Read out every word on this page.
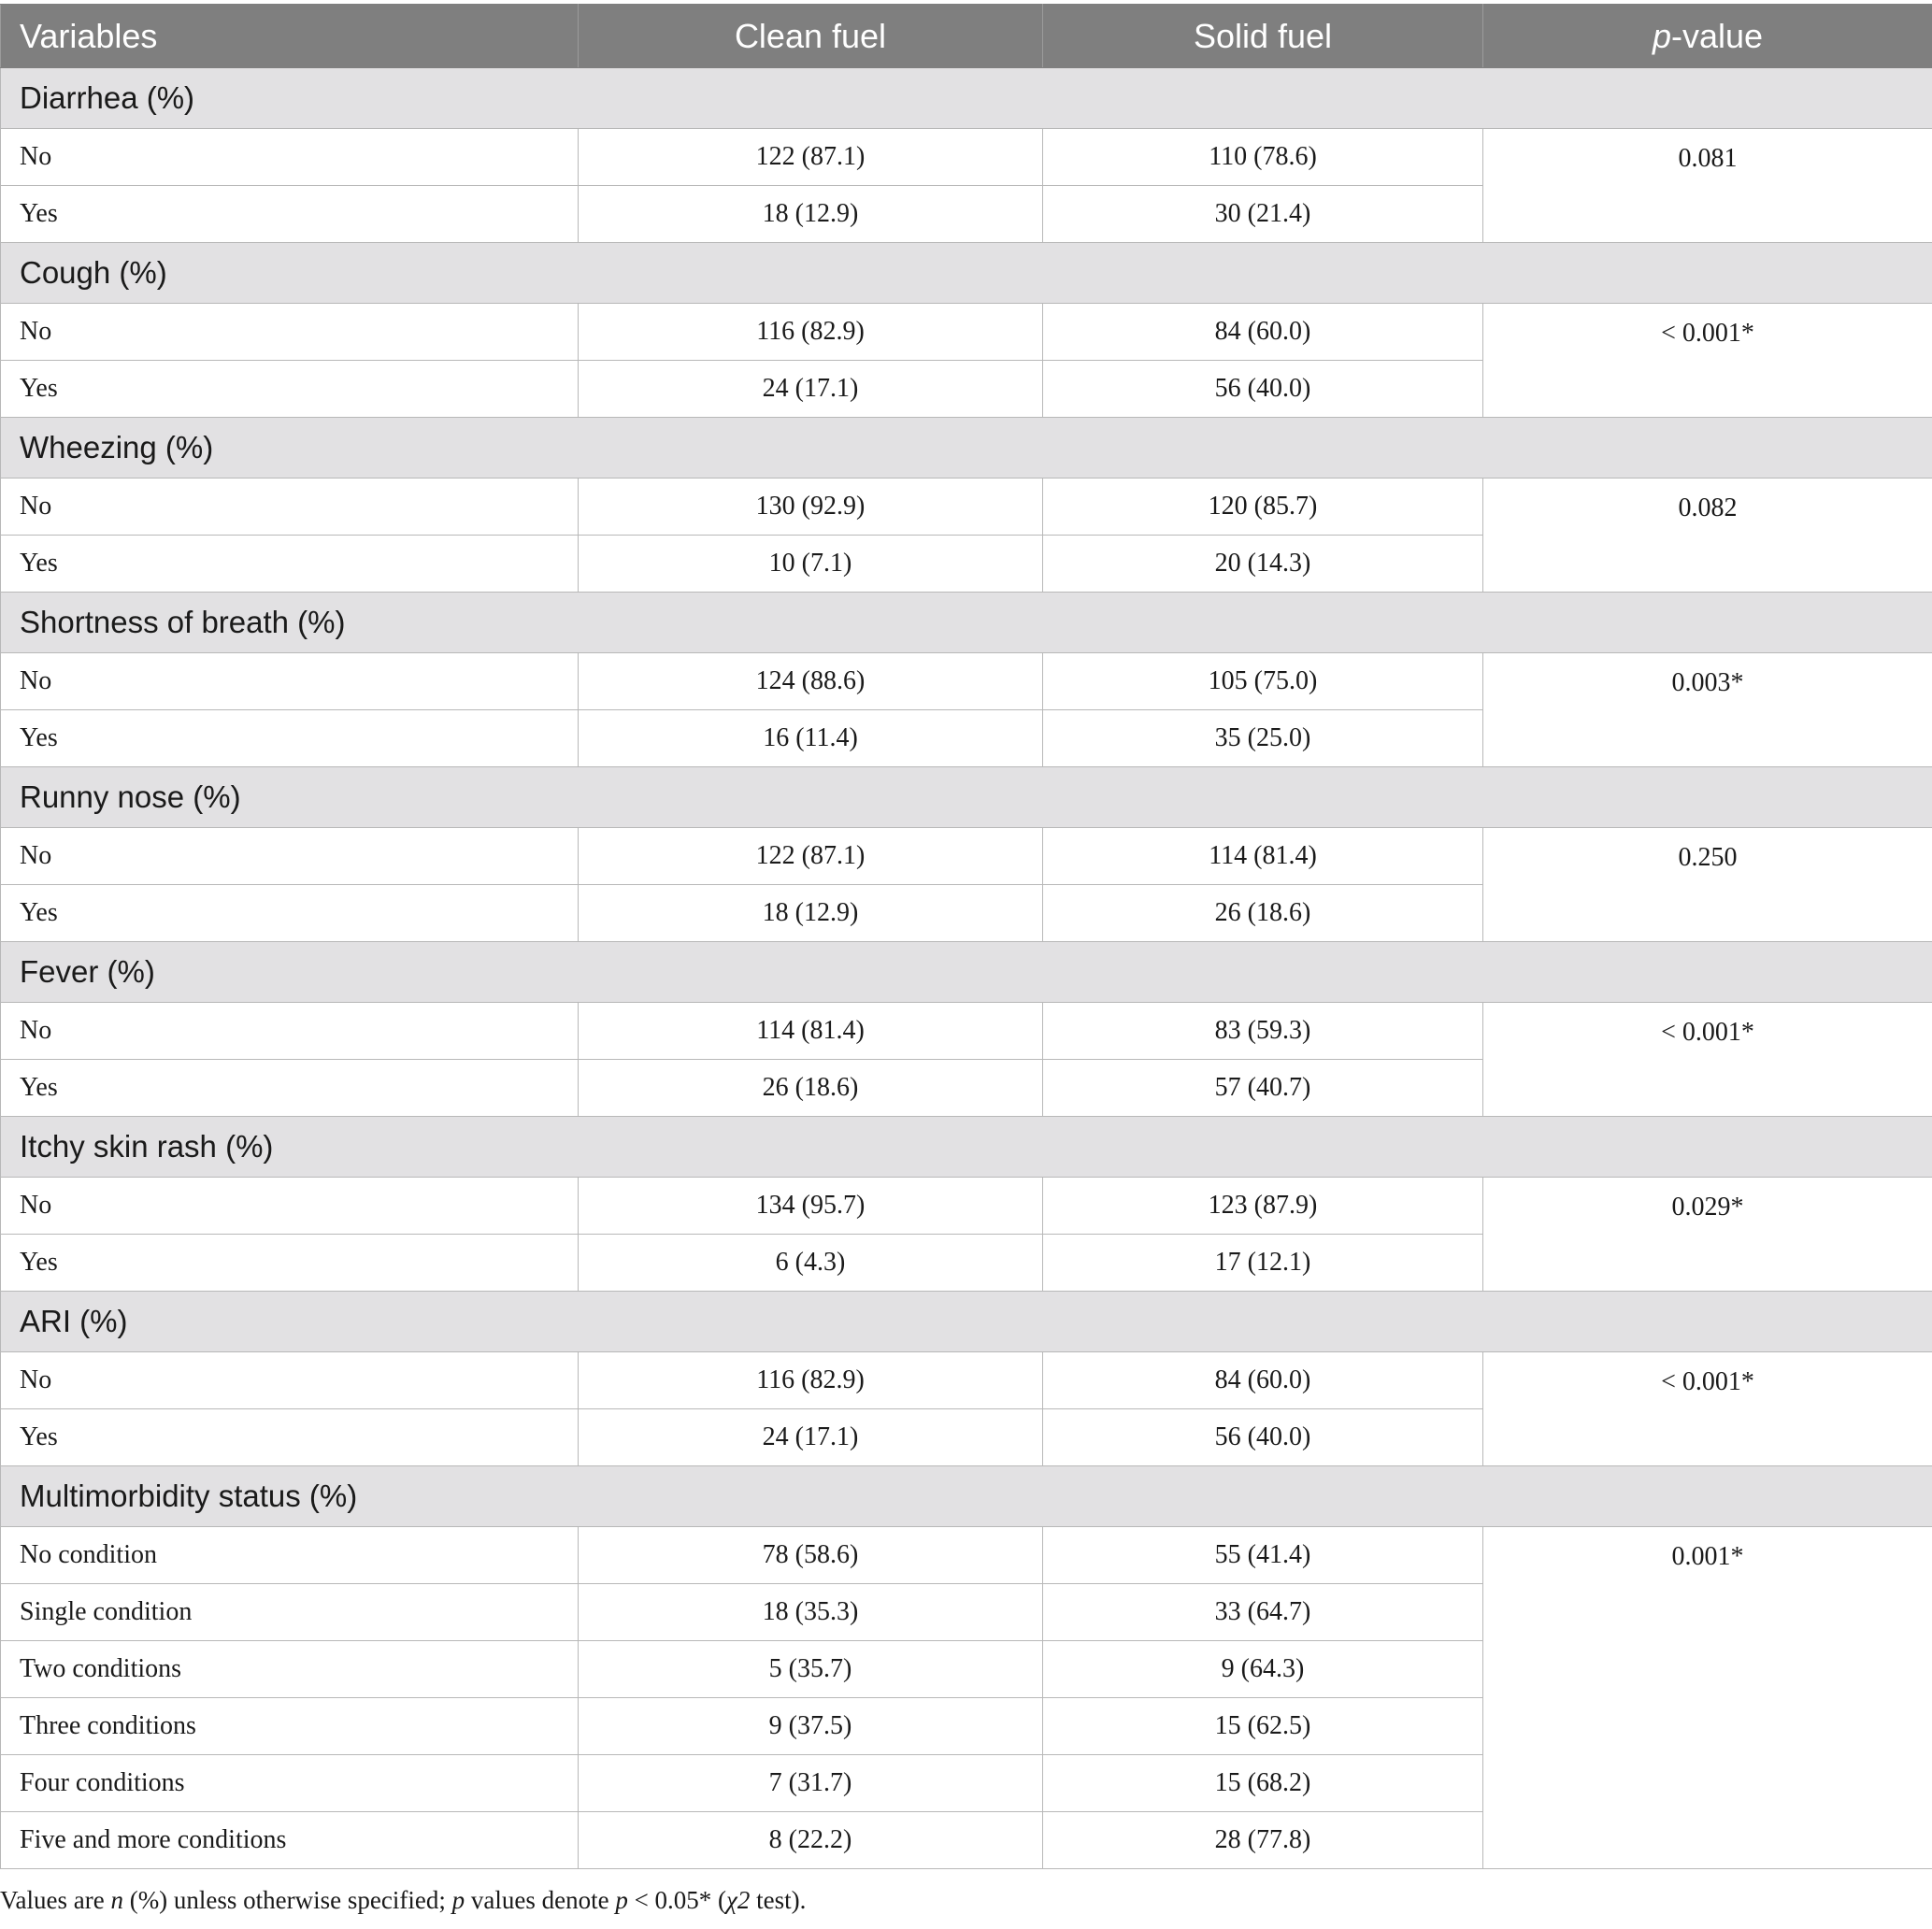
Variables	Clean fuel	Solid fuel	p-value
Diarrhea (%)			
No	122 (87.1)	110 (78.6)	0.081
Yes	18 (12.9)	30 (21.4)	
Cough (%)			
No	116 (82.9)	84 (60.0)	< 0.001*
Yes	24 (17.1)	56 (40.0)	
Wheezing (%)			
No	130 (92.9)	120 (85.7)	0.082
Yes	10 (7.1)	20 (14.3)	
Shortness of breath (%)			
No	124 (88.6)	105 (75.0)	0.003*
Yes	16 (11.4)	35 (25.0)	
Runny nose (%)			
No	122 (87.1)	114 (81.4)	0.250
Yes	18 (12.9)	26 (18.6)	
Fever (%)			
No	114 (81.4)	83 (59.3)	< 0.001*
Yes	26 (18.6)	57 (40.7)	
Itchy skin rash (%)			
No	134 (95.7)	123 (87.9)	0.029*
Yes	6 (4.3)	17 (12.1)	
ARI (%)			
No	116 (82.9)	84 (60.0)	< 0.001*
Yes	24 (17.1)	56 (40.0)	
Multimorbidity status (%)			
No condition	78 (58.6)	55 (41.4)	0.001*
Single condition	18 (35.3)	33 (64.7)	
Two conditions	5 (35.7)	9 (64.3)	
Three conditions	9 (37.5)	15 (62.5)	
Four conditions	7 (31.7)	15 (68.2)	
Five and more conditions	8 (22.2)	28 (77.8)	
Values are n (%) unless otherwise specified; p values denote p < 0.05* (χ2 test).
